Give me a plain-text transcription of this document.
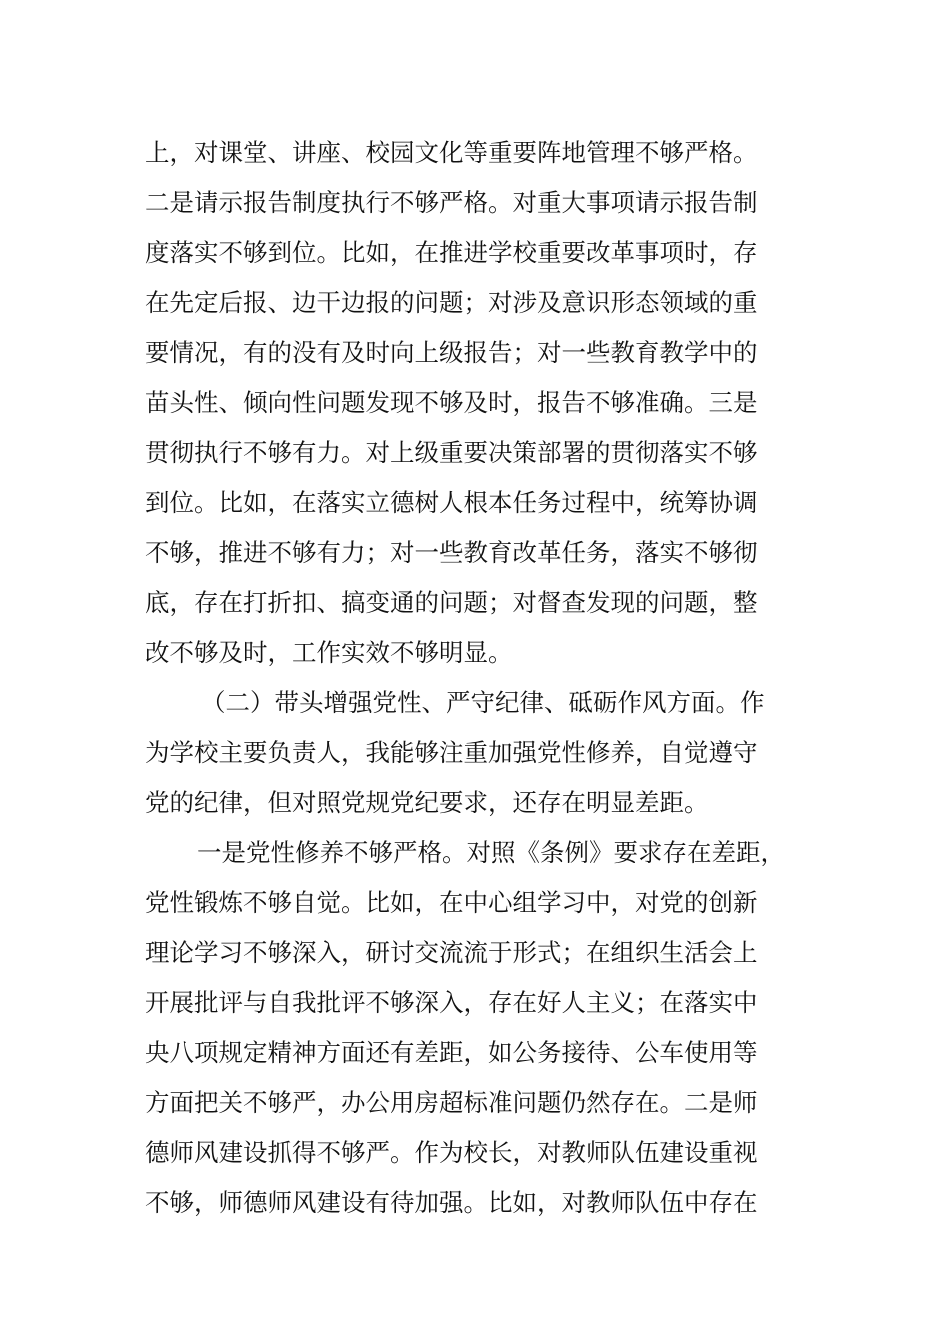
上，对课堂、讲座、校园文化等重要阵地管理不够严格。
二是请示报告制度执行不够严格。对重大事项请示报告制
度落实不够到位。比如，在推进学校重要改革事项时，存
在先定后报、边干边报的问题；对涉及意识形态领域的重
要情况，有的没有及时向上级报告；对一些教育教学中的
苗头性、倾向性问题发现不够及时，报告不够准确。三是
贯彻执行不够有力。对上级重要决策部署的贯彻落实不够
到位。比如，在落实立德树人根本任务过程中，统筹协调
不够，推进不够有力；对一些教育改革任务，落实不够彻
底，存在打折扣、搞变通的问题；对督查发现的问题，整
改不够及时，工作实效不够明显。
（二）带头增强党性、严守纪律、砥砺作风方面。作
为学校主要负责人，我能够注重加强党性修养，自觉遵守
党的纪律，但对照党规党纪要求，还存在明显差距。
一是党性修养不够严格。对照《条例》要求存在差距，
党性锻炼不够自觉。比如，在中心组学习中，对党的创新
理论学习不够深入，研讨交流流于形式；在组织生活会上
开展批评与自我批评不够深入，存在好人主义；在落实中
央八项规定精神方面还有差距，如公务接待、公车使用等
方面把关不够严，办公用房超标准问题仍然存在。二是师
德师风建设抓得不够严。作为校长，对教师队伍建设重视
不够，师德师风建设有待加强。比如，对教师队伍中存在
